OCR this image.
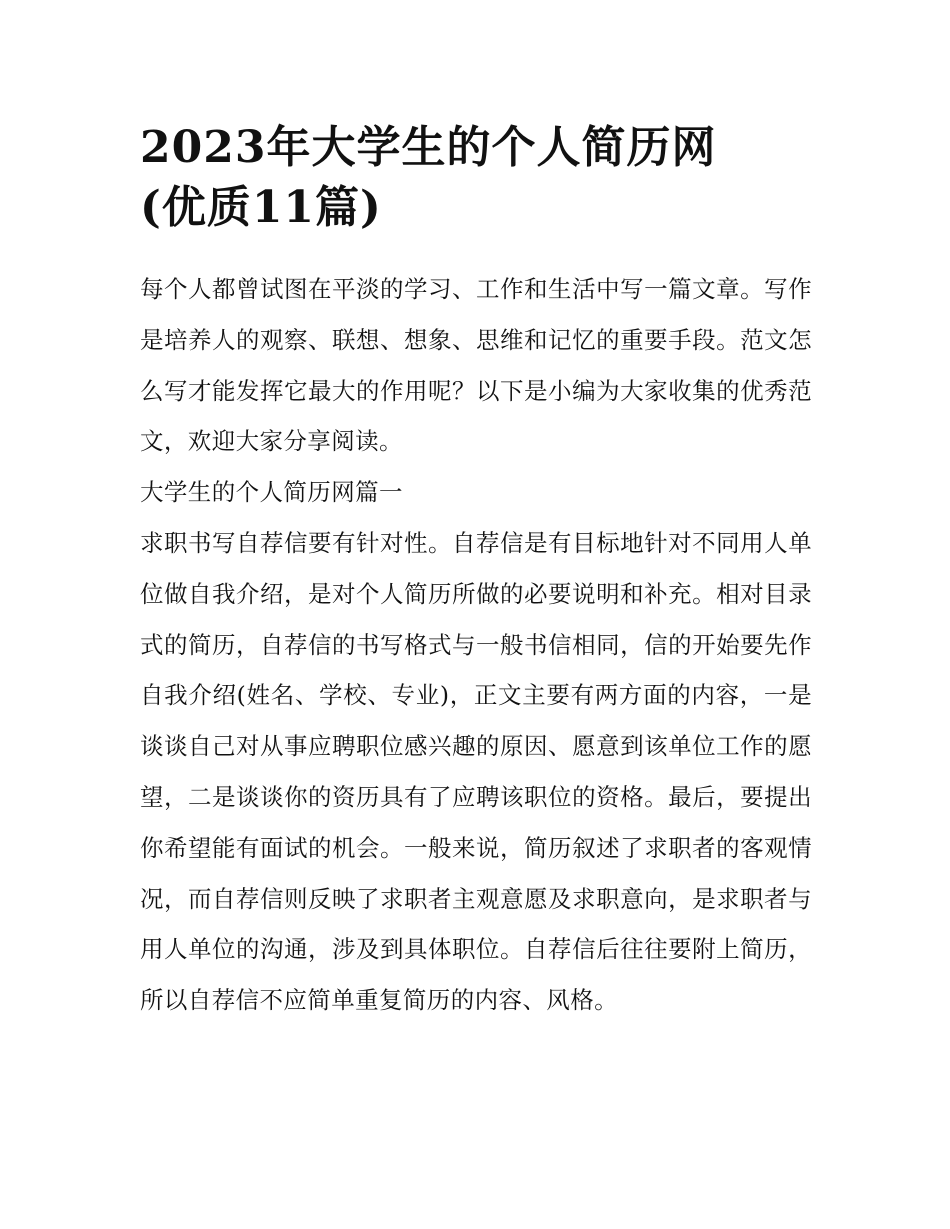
2023年大学生的个人简历网
(优质11篇)

每个人都曾试图在平淡的学习、工作和生活中写一篇文章。写作是培养人的观察、联想、想象、思维和记忆的重要手段。范文怎么写才能发挥它最大的作用呢？以下是小编为大家收集的优秀范文，欢迎大家分享阅读。

大学生的个人简历网篇一

求职书写自荐信要有针对性。自荐信是有目标地针对不同用人单位做自我介绍，是对个人简历所做的必要说明和补充。相对目录式的简历，自荐信的书写格式与一般书信相同，信的开始要先作自我介绍(姓名、学校、专业)，正文主要有两方面的内容，一是谈谈自己对从事应聘职位感兴趣的原因、愿意到该单位工作的愿望，二是谈谈你的资历具有了应聘该职位的资格。最后，要提出你希望能有面试的机会。一般来说，简历叙述了求职者的客观情况，而自荐信则反映了求职者主观意愿及求职意向，是求职者与用人单位的沟通，涉及到具体职位。自荐信后往往要附上简历，所以自荐信不应简单重复简历的内容、风格。
